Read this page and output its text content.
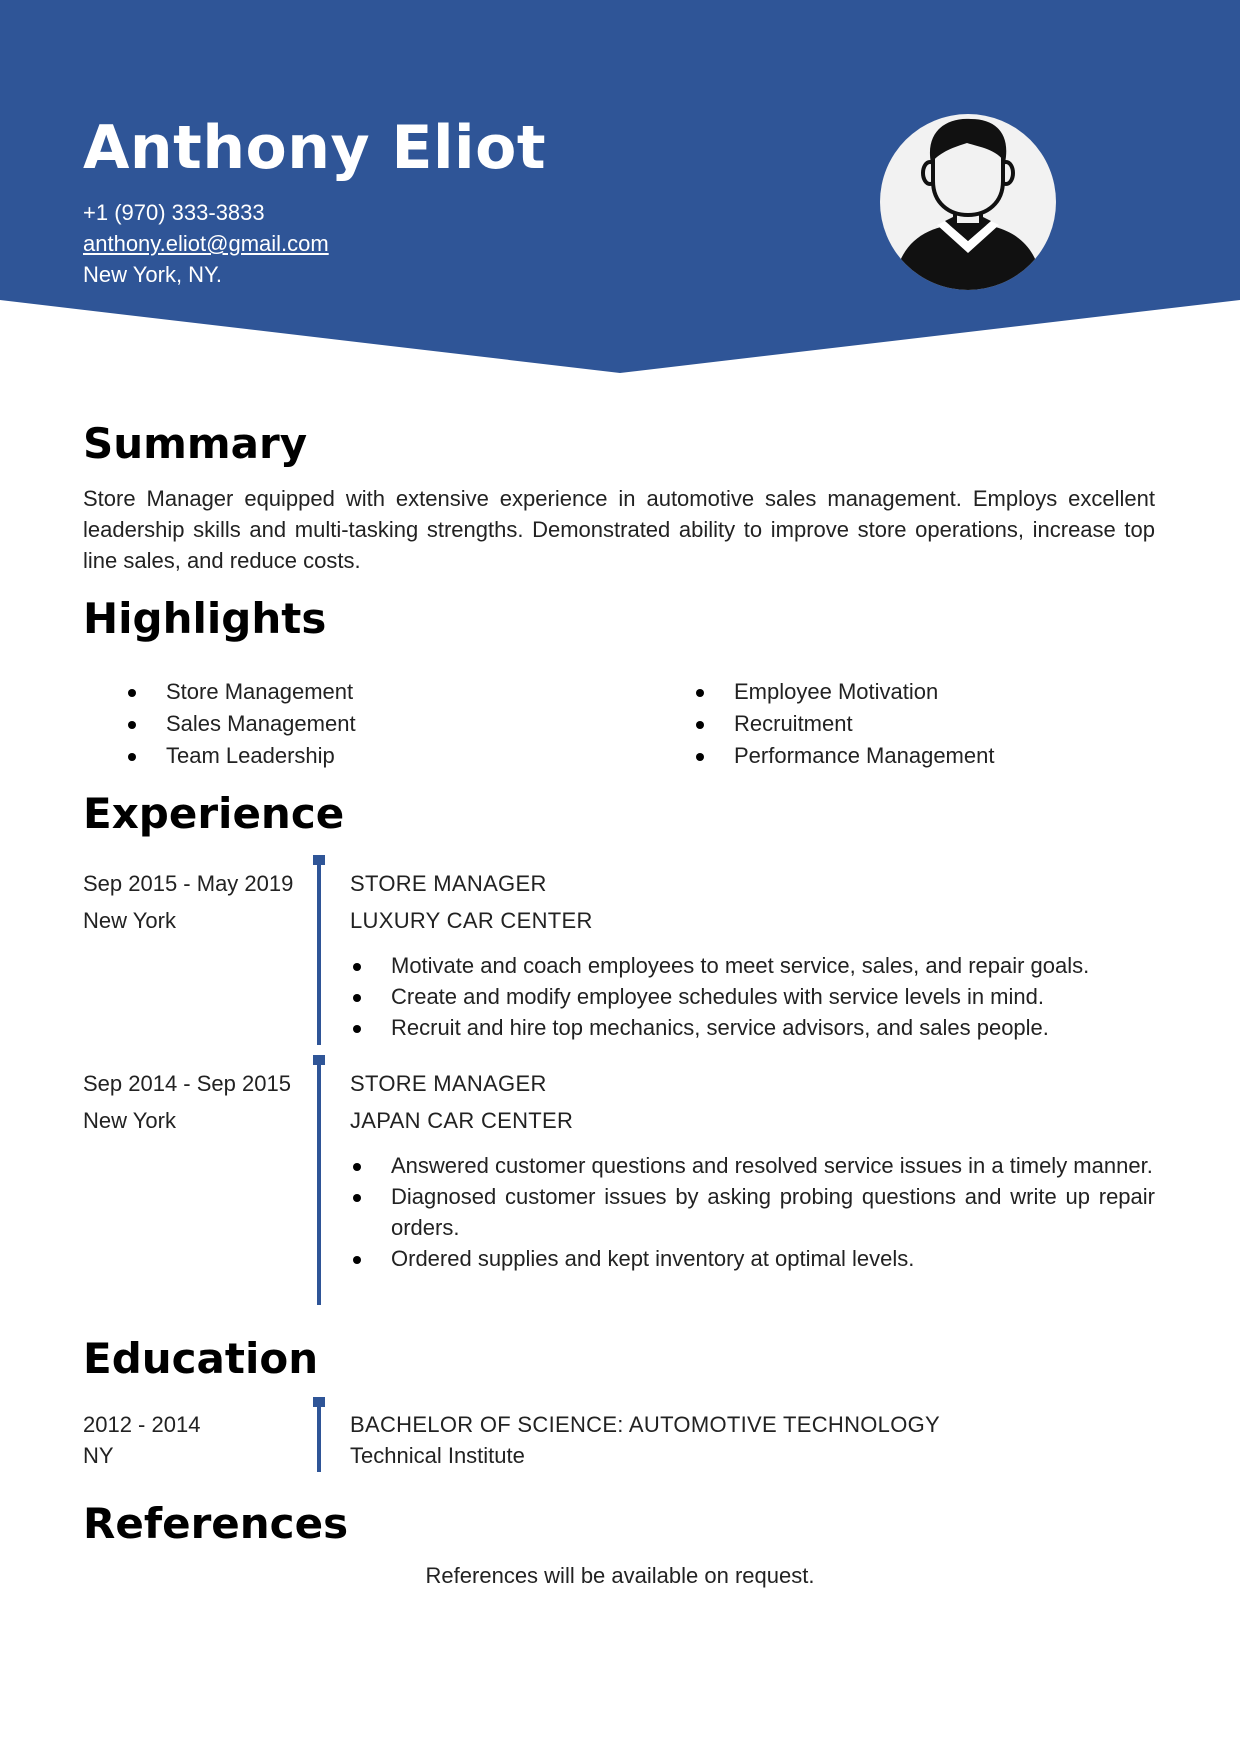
Anthony Eliot
+1 (970) 333-3833
anthony.eliot@gmail.com
New York, NY.
Summary

Store Manager equipped with extensive experience in automotive sales management. Employs excellent leadership skills and multi-tasking strengths. Demonstrated ability to improve store operations, increase top line sales, and reduce costs.

Highlights
Store Management
Sales Management
Team Leadership
Employee Motivation
Recruitment
Performance Management
Experience
Sep 2015 - May 2019
New York
STORE MANAGER
LUXURY CAR CENTER
Motivate and coach employees to meet service, sales, and repair goals.
Create and modify employee schedules with service levels in mind.
Recruit and hire top mechanics, service advisors, and sales people.
Sep 2014 - Sep 2015
New York
STORE MANAGER
JAPAN CAR CENTER
Answered customer questions and resolved service issues in a timely manner.
Diagnosed customer issues by asking probing questions and write up repair orders.
Ordered supplies and kept inventory at optimal levels.
Education
2012 - 2014
NY
BACHELOR OF SCIENCE: AUTOMOTIVE TECHNOLOGY
Technical Institute
References
References will be available on request.
